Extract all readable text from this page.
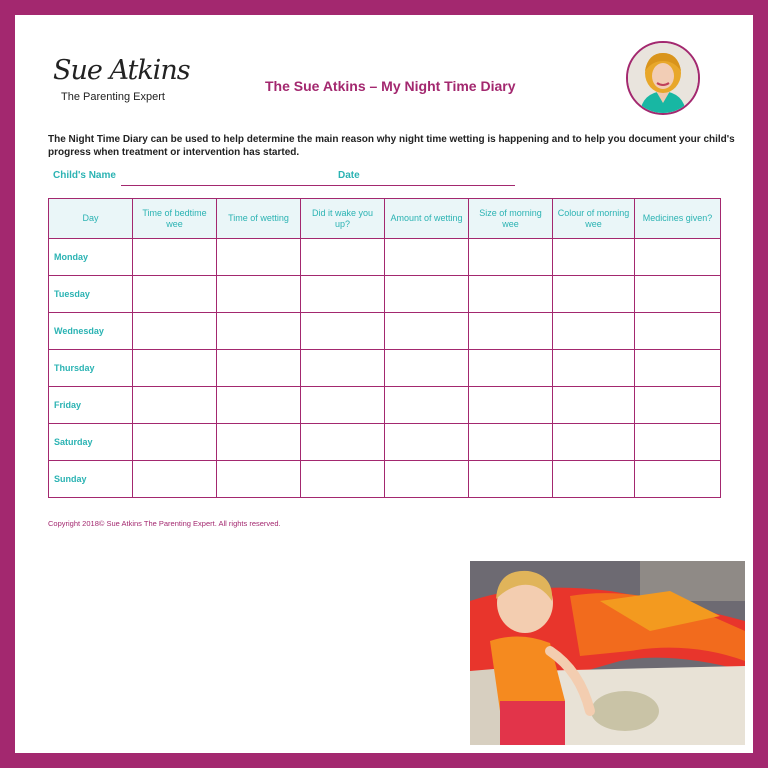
Sue Atkins
The Parenting Expert
The Sue Atkins – My Night Time Diary
The Night Time Diary can be used to help determine the main reason why night time wetting is happening and to help you document your child's progress when treatment or intervention has started.
Child's Name	Date
Day	Time of bedtime wee	Time of wetting	Did it wake you up?	Amount of wetting	Size of morning wee	Colour of morning wee	Medicines given?
Monday							
Tuesday							
Wednesday							
Thursday							
Friday							
Saturday							
Sunday							
Copyright 2018© Sue Atkins The Parenting Expert. All rights reserved.
